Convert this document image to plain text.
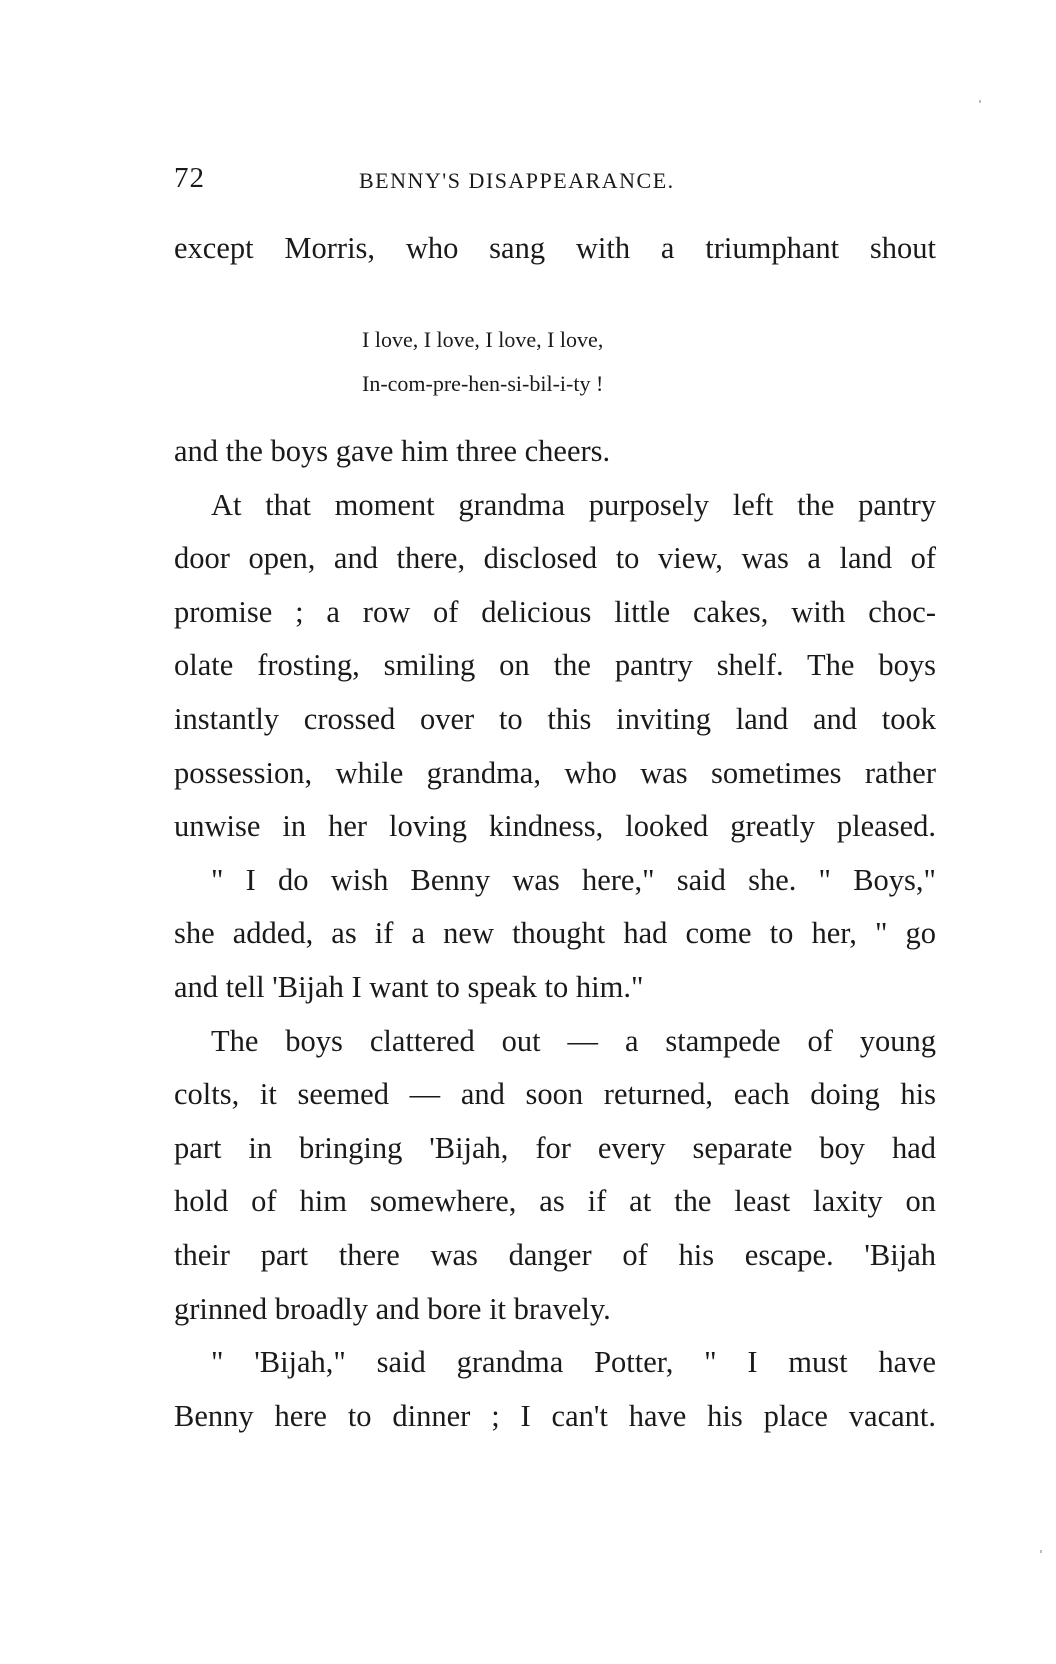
72	BENNY'S DISAPPEARANCE.
except Morris, who sang with a triumphant shout
I love, I love, I love, I love,
In-com-pre-hen-si-bil-i-ty !
and the boys gave him three cheers.
At that moment grandma purposely left the pantry
door open, and there, disclosed to view, was a land of
promise ; a row of delicious little cakes, with choc-
olate frosting, smiling on the pantry shelf. The boys
instantly crossed over to this inviting land and took
possession, while grandma, who was sometimes rather
unwise in her loving kindness, looked greatly pleased.
" I do wish Benny was here," said she. " Boys,"
she added, as if a new thought had come to her, " go
and tell 'Bijah I want to speak to him."
The boys clattered out — a stampede of young
colts, it seemed — and soon returned, each doing his
part in bringing 'Bijah, for every separate boy had
hold of him somewhere, as if at the least laxity on
their part there was danger of his escape. 'Bijah
grinned broadly and bore it bravely.
" 'Bijah," said grandma Potter, " I must have
Benny here to dinner ; I can't have his place vacant.
